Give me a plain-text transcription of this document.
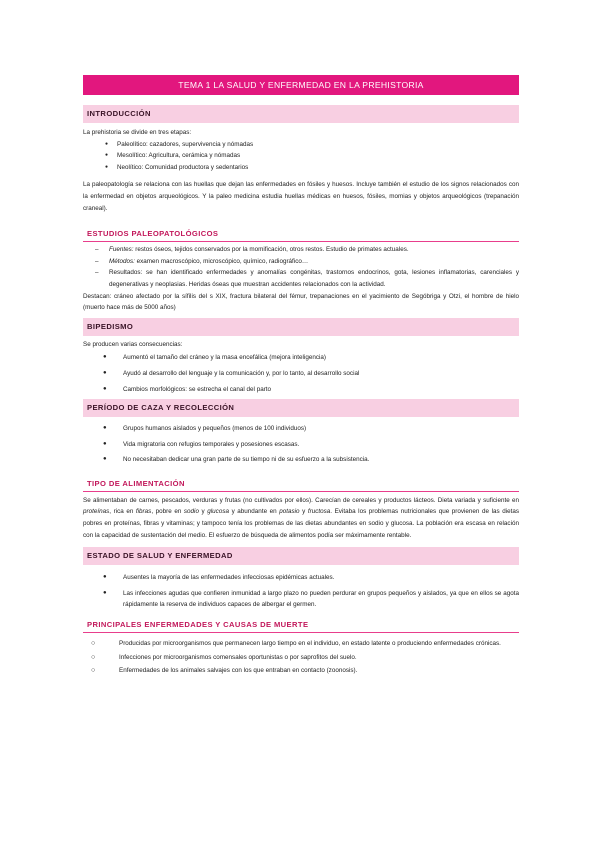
TEMA 1 LA SALUD Y ENFERMEDAD EN LA PREHISTORIA
INTRODUCCIÓN

La prehistoria se divide en tres etapas:

● Paleolítico: cazadores, supervivencia y nómadas
● Mesolítico: Agricultura, cerámica y nómadas
● Neolítico: Comunidad productora y sedentarios

La paleopatología se relaciona con las huellas que dejan las enfermedades en fósiles y huesos. Incluye también el estudio de los signos relacionados con la enfermedad en objetos arqueológicos. Y la paleo medicina estudia huellas médicas en huesos, fósiles, momias y objetos arqueológicos (trepanación craneal).

ESTUDIOS PALEOPATOLÓGICOS
– Fuentes: restos óseos, tejidos conservados por la momificación, otros restos. Estudio de primates actuales.
– Métodos: examen macroscópico, microscópico, químico, radiográfico…
– Resultados: se han identificado enfermedades y anomalías congénitas, trastornos endocrinos, gota, lesiones inflamatorias, carenciales y degenerativas y neoplasias. Heridas óseas que muestran accidentes relacionados con la actividad.

Destacan: cráneo afectado por la sífilis del s XIX, fractura bilateral del fémur, trepanaciones en el yacimiento de Segóbriga y Otzi, el hombre de hielo (muerto hace más de 5000 años)

BIPEDISMO

Se producen varias consecuencias:

● Aumentó el tamaño del cráneo y la masa encefálica (mejora inteligencia)
● Ayudó al desarrollo del lenguaje y la comunicación y, por lo tanto, al desarrollo social
● Cambios morfológicos: se estrecha el canal del parto
PERÍODO DE CAZA Y RECOLECCIÓN
● Grupos humanos aislados y pequeños (menos de 100 individuos)
● Vida migratoria con refugios temporales y posesiones escasas.
● No necesitaban dedicar una gran parte de su tiempo ni de su esfuerzo a la subsistencia.
TIPO DE ALIMENTACIÓN

Se alimentaban de carnes, pescados, verduras y frutas (no cultivados por ellos). Carecían de cereales y productos lácteos. Dieta variada y suficiente en proteínas, rica en fibras, pobre en sodio y glucosa y abundante en potasio y fructosa. Evitaba los problemas nutricionales que provienen de las dietas pobres en proteínas, fibras y vitaminas; y tampoco tenía los problemas de las dietas abundantes en sodio y glucosa. La población era escasa en relación con la capacidad de sustentación del medio. El esfuerzo de búsqueda de alimentos podía ser máximamente rentable.

ESTADO DE SALUD Y ENFERMEDAD
● Ausentes la mayoría de las enfermedades infecciosas epidémicas actuales.
● Las infecciones agudas que confieren inmunidad a largo plazo no pueden perdurar en grupos pequeños y aislados, ya que en ellos se agota rápidamente la reserva de individuos capaces de albergar el germen.
PRINCIPALES ENFERMEDADES Y CAUSAS DE MUERTE
○ Producidas por microorganismos que permanecen largo tiempo en el individuo, en estado latente o produciendo enfermedades crónicas.
○ Infecciones por microorganismos comensales oportunistas o por saprofitos del suelo.
○ Enfermedades de los animales salvajes con los que entraban en contacto (zoonosis).
